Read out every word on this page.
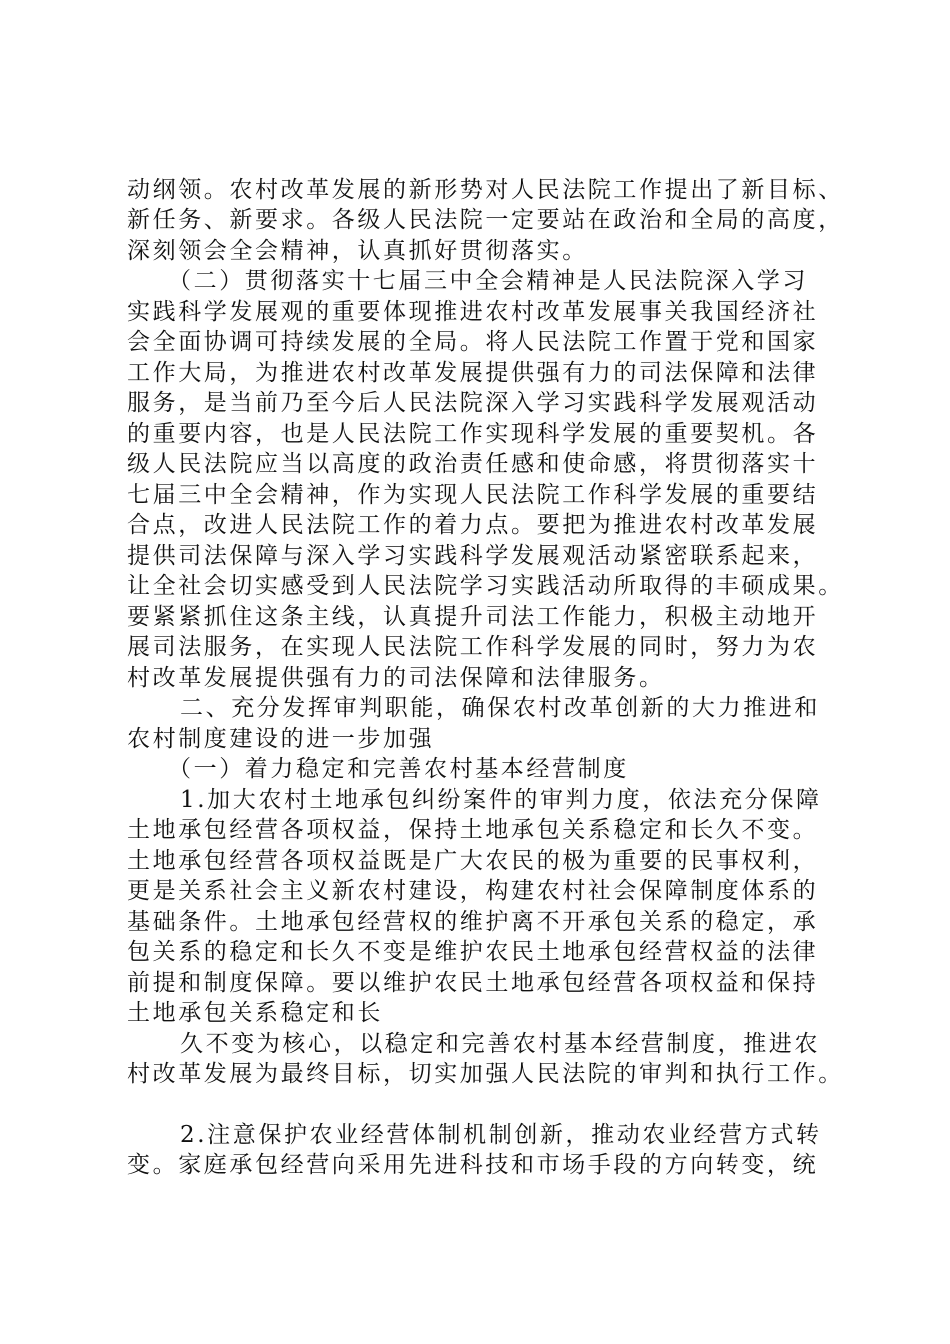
动纲领。农村改革发展的新形势对人民法院工作提出了新目标、
新任务、新要求。各级人民法院一定要站在政治和全局的高度，
深刻领会全会精神，认真抓好贯彻落实。
（二）贯彻落实十七届三中全会精神是人民法院深入学习
实践科学发展观的重要体现推进农村改革发展事关我国经济社
会全面协调可持续发展的全局。将人民法院工作置于党和国家
工作大局，为推进农村改革发展提供强有力的司法保障和法律
服务，是当前乃至今后人民法院深入学习实践科学发展观活动
的重要内容，也是人民法院工作实现科学发展的重要契机。各
级人民法院应当以高度的政治责任感和使命感，将贯彻落实十
七届三中全会精神，作为实现人民法院工作科学发展的重要结
合点，改进人民法院工作的着力点。要把为推进农村改革发展
提供司法保障与深入学习实践科学发展观活动紧密联系起来，
让全社会切实感受到人民法院学习实践活动所取得的丰硕成果。
要紧紧抓住这条主线，认真提升司法工作能力，积极主动地开
展司法服务，在实现人民法院工作科学发展的同时，努力为农
村改革发展提供强有力的司法保障和法律服务。
二、充分发挥审判职能，确保农村改革创新的大力推进和
农村制度建设的进一步加强
（一）着力稳定和完善农村基本经营制度
1.加大农村土地承包纠纷案件的审判力度，依法充分保障
土地承包经营各项权益，保持土地承包关系稳定和长久不变。
土地承包经营各项权益既是广大农民的极为重要的民事权利，
更是关系社会主义新农村建设，构建农村社会保障制度体系的
基础条件。土地承包经营权的维护离不开承包关系的稳定，承
包关系的稳定和长久不变是维护农民土地承包经营权益的法律
前提和制度保障。要以维护农民土地承包经营各项权益和保持
土地承包关系稳定和长
久不变为核心，以稳定和完善农村基本经营制度，推进农
村改革发展为最终目标，切实加强人民法院的审判和执行工作。
2.注意保护农业经营体制机制创新，推动农业经营方式转
变。家庭承包经营向采用先进科技和市场手段的方向转变，统
